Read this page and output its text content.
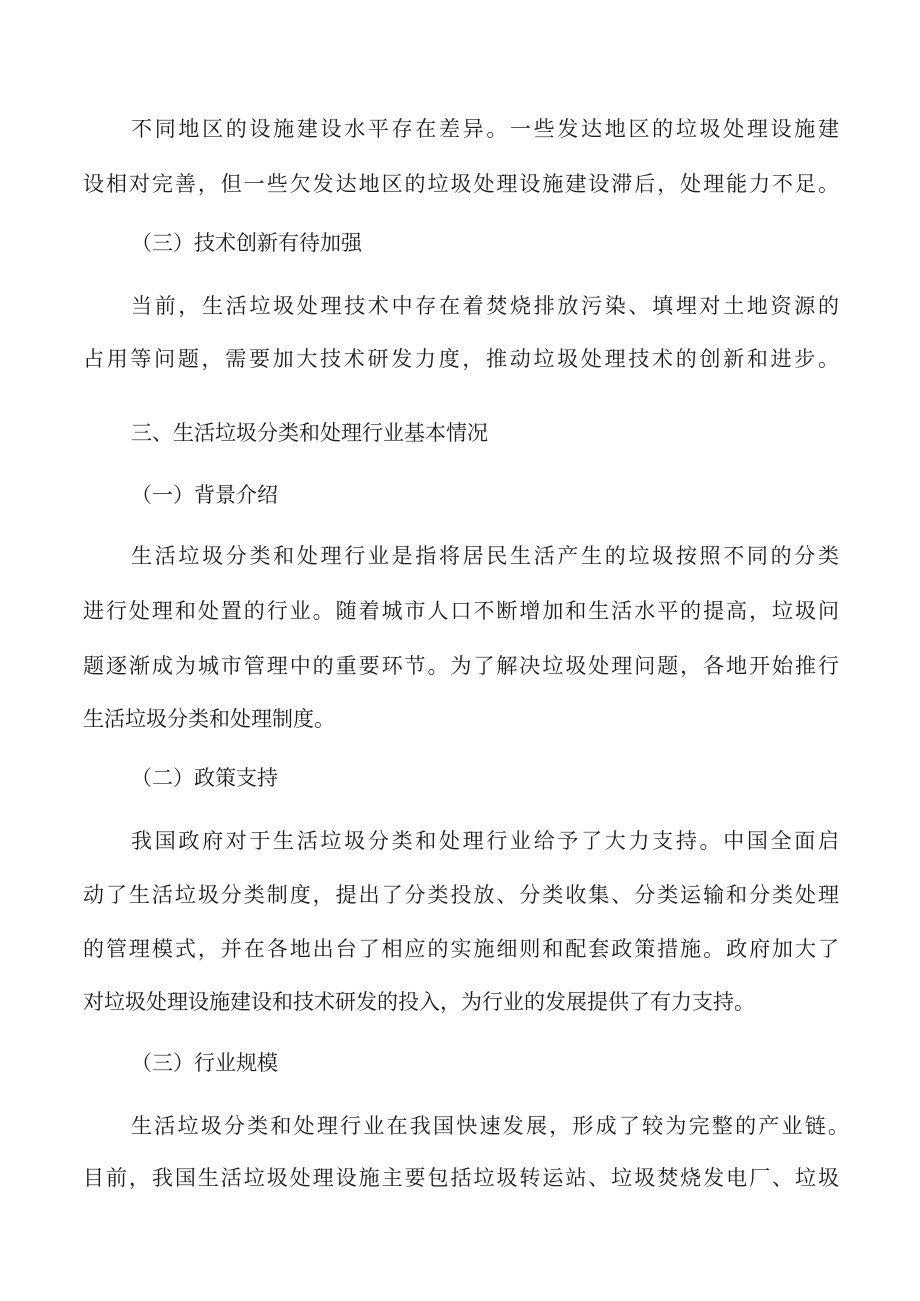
不同地区的设施建设水平存在差异。一些发达地区的垃圾处理设施建
设相对完善，但一些欠发达地区的垃圾处理设施建设滞后，处理能力不足。
（三）技术创新有待加强
当前，生活垃圾处理技术中存在着焚烧排放污染、填埋对土地资源的
占用等问题，需要加大技术研发力度，推动垃圾处理技术的创新和进步。
三、生活垃圾分类和处理行业基本情况
（一）背景介绍
生活垃圾分类和处理行业是指将居民生活产生的垃圾按照不同的分类
进行处理和处置的行业。随着城市人口不断增加和生活水平的提高，垃圾问
题逐渐成为城市管理中的重要环节。为了解决垃圾处理问题，各地开始推行
生活垃圾分类和处理制度。
（二）政策支持
我国政府对于生活垃圾分类和处理行业给予了大力支持。中国全面启
动了生活垃圾分类制度，提出了分类投放、分类收集、分类运输和分类处理
的管理模式，并在各地出台了相应的实施细则和配套政策措施。政府加大了
对垃圾处理设施建设和技术研发的投入，为行业的发展提供了有力支持。
（三）行业规模
生活垃圾分类和处理行业在我国快速发展，形成了较为完整的产业链。
目前，我国生活垃圾处理设施主要包括垃圾转运站、垃圾焚烧发电厂、垃圾
